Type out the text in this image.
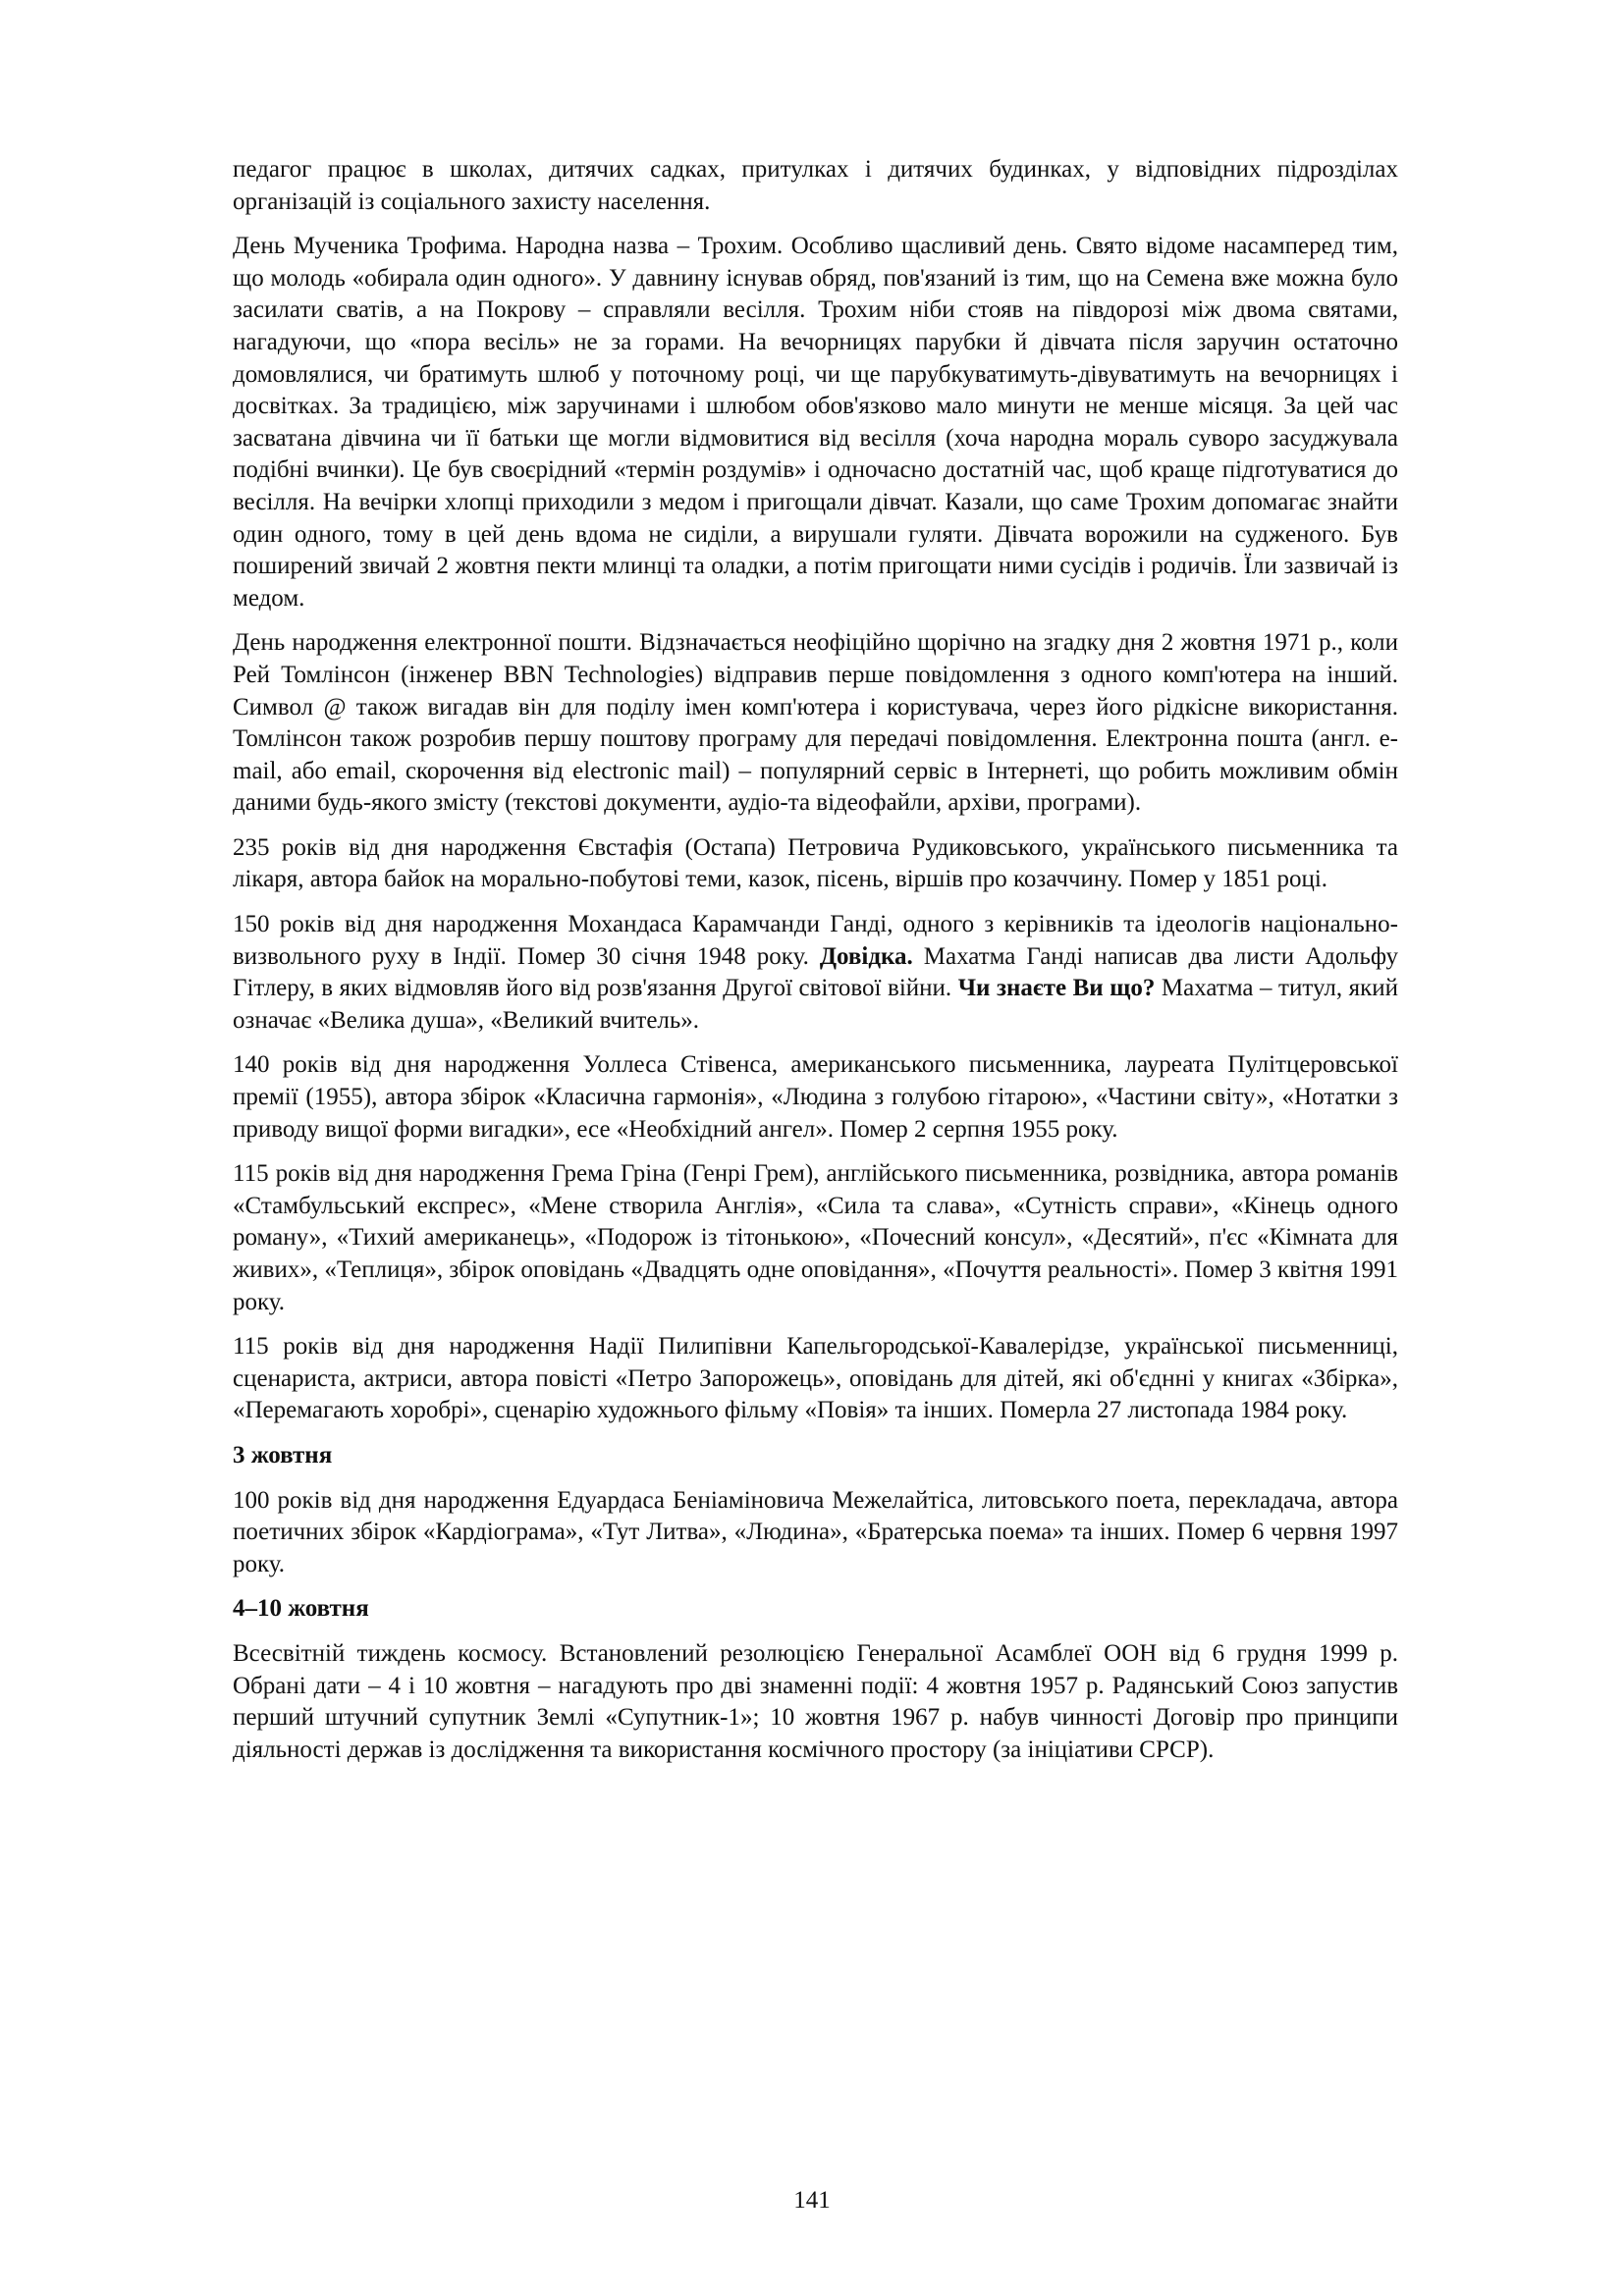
педагог працює в школах, дитячих садках, притулках і дитячих будинках, у відповідних підрозділах організацій із соціального захисту населення.

День Мученика Трофима. Народна назва – Трохим. Особливо щасливий день. Свято відоме насамперед тим, що молодь «обирала один одного». У давнину існував обряд, пов'язаний із тим, що на Семена вже можна було засилати сватів, а на Покрову – справляли весілля. Трохим ніби стояв на півдорозі між двома святами, нагадуючи, що «пора весіль» не за горами. На вечорницях парубки й дівчата після заручин остаточно домовлялися, чи братимуть шлюб у поточному році, чи ще парубкуватимуть-дівуватимуть на вечорницях і досвітках. За традицією, між заручинами і шлюбом обов'язково мало минути не менше місяця. За цей час засватана дівчина чи її батьки ще могли відмовитися від весілля (хоча народна мораль суворо засуджувала подібні вчинки). Це був своєрідний «термін роздумів» і одночасно достатній час, щоб краще підготуватися до весілля. На вечірки хлопці приходили з медом і пригощали дівчат. Казали, що саме Трохим допомагає знайти один одного, тому в цей день вдома не сиділи, а вирушали гуляти. Дівчата ворожили на судженого. Був поширений звичай 2 жовтня пекти млинці та оладки, а потім пригощати ними сусідів і родичів. Їли зазвичай із медом.

День народження електронної пошти. Відзначається неофіційно щорічно на згадку дня 2 жовтня 1971 р., коли Рей Томлінсон (інженер BBN Technologies) відправив перше повідомлення з одного комп'ютера на інший. Символ @ також вигадав він для поділу імен комп'ютера і користувача, через його рідкісне використання. Томлінсон також розробив першу поштову програму для передачі повідомлення. Електронна пошта (англ. e-mail, або email, скорочення від electronic mail) – популярний сервіс в Інтернеті, що робить можливим обмін даними будь-якого змісту (текстові документи, аудіо-та відеофайли, архіви, програми).

235 років від дня народження Євстафія (Остапа) Петровича Рудиковського, українського письменника та лікаря, автора байок на морально-побутові теми, казок, пісень, віршів про козаччину. Помер у 1851 році.

150 років від дня народження Мохандаса Карамчанди Ганді, одного з керівників та ідеологів національно-визвольного руху в Індії. Помер 30 січня 1948 року. Довідка. Махатма Ганді написав два листи Адольфу Гітлеру, в яких відмовляв його від розв'язання Другої світової війни. Чи знаєте Ви що? Махатма – титул, який означає «Велика душа», «Великий вчитель».

140 років від дня народження Уоллеса Стівенса, американського письменника, лауреата Пулітцеровської премії (1955), автора збірок «Класична гармонія», «Людина з голубою гітарою», «Частини світу», «Нотатки з приводу вищої форми вигадки», есе «Необхідний ангел». Помер 2 серпня 1955 року.

115 років від дня народження Грема Гріна (Генрі Грем), англійського письменника, розвідника, автора романів «Стамбульський експрес», «Мене створила Англія», «Сила та слава», «Сутність справи», «Кінець одного роману», «Тихий американець», «Подорож із тітонькою», «Почесний консул», «Десятий», п'єс «Кімната для живих», «Теплиця», збірок оповідань «Двадцять одне оповідання», «Почуття реальності». Помер 3 квітня 1991 року.

115 років від дня народження Надії Пилипівни Капельгородської-Кавалерідзе, української письменниці, сценариста, актриси, автора повісті «Петро Запорожець», оповідань для дітей, які об'єднні у книгах «Збірка», «Перемагають хоробрі», сценарію художнього фільму «Повія» та інших. Померла 27 листопада 1984 року.

3 жовтня

100 років від дня народження Едуардаса Беніаміновича Межелайтіса, литовського поета, перекладача, автора поетичних збірок «Кардіограма», «Тут Литва», «Людина», «Братерська поема» та інших. Помер 6 червня 1997 року.

4–10 жовтня

Всесвітній тиждень космосу. Встановлений резолюцією Генеральної Асамблеї ООН від 6 грудня 1999 р. Обрані дати – 4 і 10 жовтня – нагадують про дві знаменні події: 4 жовтня 1957 р. Радянський Союз запустив перший штучний супутник Землі «Супутник-1»; 10 жовтня 1967 р. набув чинності Договір про принципи діяльності держав із дослідження та використання космічного простору (за ініціативи СРСР).

141
